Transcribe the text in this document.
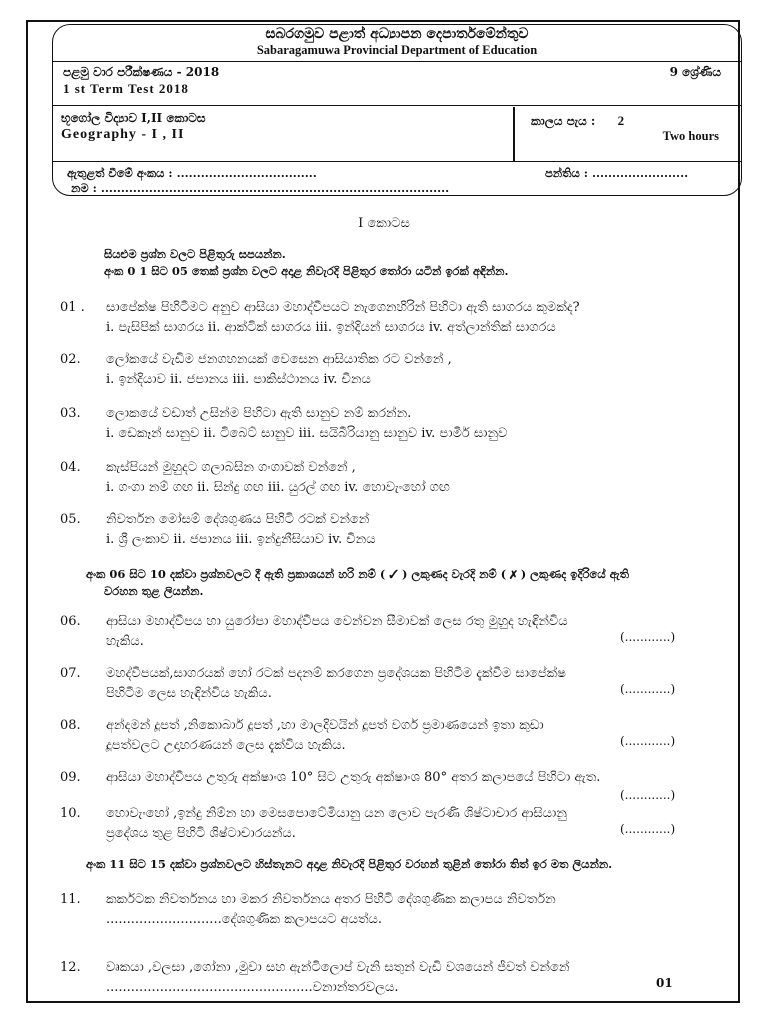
සබරගමුව පළාත් අධ්‍යාපන දෙපාර්තමේන්තුව
Sabaragamuwa Provincial Department of Education
පළමු වාර පරීක්ෂණය - 2018
1 st Term Test 2018
9 ශ්‍රේණිය
භූගෝල විද්‍යාව I,II කොටස
Geography - I , II
කාලය පැය : 2
Two hours
ඇතුළත් වීමේ අංකය : ...................................	පන්තිය : ........................
නම : .......................................................................................
I කොටස
සියළුම ප්‍රශ්න වලට පිළිතුරු සපයන්න.
අංක 0 1 සිට 05 තෙක් ප්‍රශ්න වලට අදාළ නිවැරදි පිළිතුර තෝරා යටින් ඉරක් අඳින්න.
01 .	සාපේක්ෂ පිහිටීමට අනුව ආසියා මහාද්වීපයට නැගෙනහිරින් පිහිටා ඇති සාගරය කුමක්ද?
i. පැසිපික් සාගරය ii. ආක්ටික් සාගරය iii. ඉන්දියන් සාගරය iv. අත්ලාන්තික් සාගරය
02.	ලෝකයේ වැඩිම ජනගහනයක් වෙසෙන ආසියාතික රට වන්නේ ,
i. ඉන්දියාව ii. ජපානය iii. පාකිස්ථානය iv. චීනය
03.	ලොකයේ වඩාත් උසින්ම පිහිටා ඇති සානුව නම් කරන්න.
i. ඩෙකෑන් සානුව ii. ටිබෙට් සානුව iii. සයිබීරියානු සානුව iv. පාමීර් සානුව
04.	කැස්පියන් මුහුදට ගලාබසින ගංගාවක් වන්නේ ,
i. ගංගා නම් ගඟ ii. සින්දු ගඟ iii. යුරල් ගඟ iv. හොවැංහෝ ගඟ
05.	නිවර්තන මෝසම් දේශගුණය පිහිටි රටක් වන්නේ
i. ශ්‍රී ලංකාව ii. ජපානය iii. ඉන්දුනීසියාව iv. චීනය
අංක 06 සිට 10 දක්වා ප්‍රශ්නවලට දී ඇති ප්‍රකාශයන් හරි නම් ( ✓ ) ලකුණද වැරදි නම් ( ✗ ) ලකුණද ඉදිරියේ ඇති
වරහන තුළ ලියන්න.
06.	ආසියා මහාද්වීපය හා යුරෝපා මහාද්වීපය වෙන්වන සීමාවක් ලෙස රතු මුහුද හැඳින්විය
හැකිය.	(............)
07.	මහද්වීපයක්,සාගරයක් හෝ රටක් පදනම් කරගෙන ප්‍රදේශයක පිහිටීම දැක්වීම සාපේක්ෂ
පිහිටීම ලෙස හැඳින්විය හැකිය.	(............)
08.	අන්දමන් දූපත් ,නිකොබාර් දූපත් ,හා මාලදිවයින් දූපත් වර්ග ප්‍රමාණයෙන් ඉතා කුඩා
දූපත්වලට උදාහරණයන් ලෙස දැක්විය හැකිය.	(............)
09.	ආසියා මහාද්වීපය උතුරු අක්ෂාංශ 10° සිට උතුරු අක්ෂාංශ 80° අතර කලාපයේ පිහිටා ඇත.
(............)
10.	හොවැංහෝ ,ඉන්දු නිම්න හා මෙසපොටේමියානු යන ලොව පැරණි ශිෂ්ටාචාර ආසියානු
ප්‍රදේශය තුළ පිහිටි ශිෂ්ටාචාරයන්ය.	(............)
අංක 11 සිට 15 දක්වා ප්‍රශ්නවලට හිස්තැනට අදාළ නිවැරදි පිළිතුර වරහන් තුළින් තෝරා තිත් ඉර මත ලියන්න.
11.	කර්කටක නිවර්තනය හා මකර නිවර්තනය අතර පිහිටි දේශගුණික කලාපය නිවර්තන
............................දේශගුණික කලාපයට අයත්ය.
12.	වෘකයා ,වලසා ,ගෝනා ,මුවා සහ ඇන්ටිලොප් වැනි සතුන් වැඩි වශයෙන් ජීවත් වන්නේ
..................................................වනාන්තරවලය.	01
